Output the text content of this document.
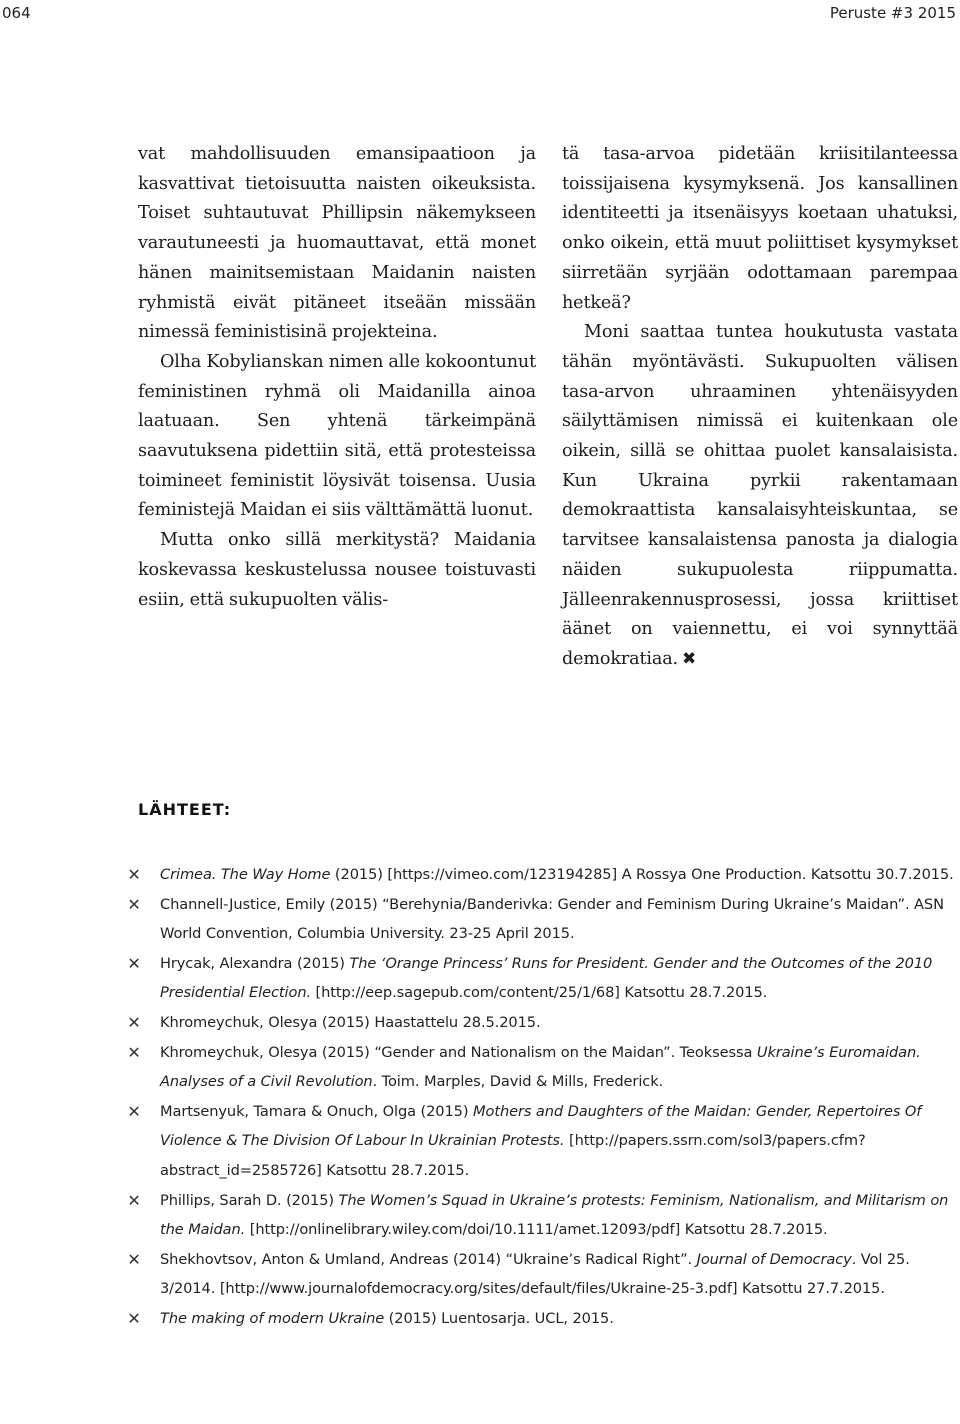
064	Peruste #3 2015

vat mahdollisuuden emansipaatioon ja kasvattivat tietoisuutta naisten oikeuksista. Toiset suhtautuvat Phillipsin näkemykseen varautuneesti ja huomauttavat, että monet hänen mainitsemistaan Maidanin naisten ryhmistä eivät pitäneet itseään missään nimessä feministisinä projekteina.

Olha Kobylianskan nimen alle kokoontunut feministinen ryhmä oli Maidanilla ainoa laatuaan. Sen yhtenä tärkeimpänä saavutuksena pidettiin sitä, että protesteissa toimineet feministit löysivät toisensa. Uusia feministejä Maidan ei siis välttämättä luonut.

Mutta onko sillä merkitystä? Maidania koskevassa keskustelussa nousee toistuvasti esiin, että sukupuolten välis-

tä tasa-arvoa pidetään kriisitilanteessa toissijaisena kysymyksenä. Jos kansallinen identiteetti ja itsenäisyys koetaan uhatuksi, onko oikein, että muut poliittiset kysymykset siirretään syrjään odottamaan parempaa hetkeä?

Moni saattaa tuntea houkutusta vastata tähän myöntävästi. Sukupuolten välisen tasa-arvon uhraaminen yhtenäisyyden säilyttämisen nimissä ei kuitenkaan ole oikein, sillä se ohittaa puolet kansalaisista. Kun Ukraina pyrkii rakentamaan demokraattista kansalaisyhteiskuntaa, se tarvitsee kansalaistensa panosta ja dialogia näiden sukupuolesta riippumatta. Jälleenrakennusprosessi, jossa kriittiset äänet on vaiennettu, ei voi synnyttää demokratiaa. ✖

LÄHTEET:
✕ Crimea. The Way Home (2015) [https://vimeo.com/123194285] A Rossya One Production. Katsottu 30.7.2015.
✕ Channell-Justice, Emily (2015) “Berehynia/Banderivka: Gender and Feminism During Ukraine’s Maidan”. ASN World Convention, Columbia University. 23-25 April 2015.
✕ Hrycak, Alexandra (2015) The ‘Orange Princess’ Runs for President. Gender and the Outcomes of the 2010 Presidential Election. [http://eep.sagepub.com/content/25/1/68] Katsottu 28.7.2015.
✕ Khromeychuk, Olesya (2015) Haastattelu 28.5.2015.
✕ Khromeychuk, Olesya (2015) “Gender and Nationalism on the Maidan”. Teoksessa Ukraine’s Euromaidan. Analyses of a Civil Revolution. Toim. Marples, David & Mills, Frederick.
✕ Martsenyuk, Tamara & Onuch, Olga (2015) Mothers and Daughters of the Maidan: Gender, Repertoires Of Violence & The Division Of Labour In Ukrainian Protests. [http://papers.ssrn.com/sol3/papers.cfm?abstract_id=2585726] Katsottu 28.7.2015.
✕ Phillips, Sarah D. (2015) The Women’s Squad in Ukraine’s protests: Feminism, Nationalism, and Militarism on the Maidan. [http://onlinelibrary.wiley.com/doi/10.1111/amet.12093/pdf] Katsottu 28.7.2015.
✕ Shekhovtsov, Anton & Umland, Andreas (2014) “Ukraine’s Radical Right”. Journal of Democracy. Vol 25. 3/2014. [http://www.journalofdemocracy.org/sites/default/files/Ukraine-25-3.pdf] Katsottu 27.7.2015.
✕ The making of modern Ukraine (2015) Luentosarja. UCL, 2015.
